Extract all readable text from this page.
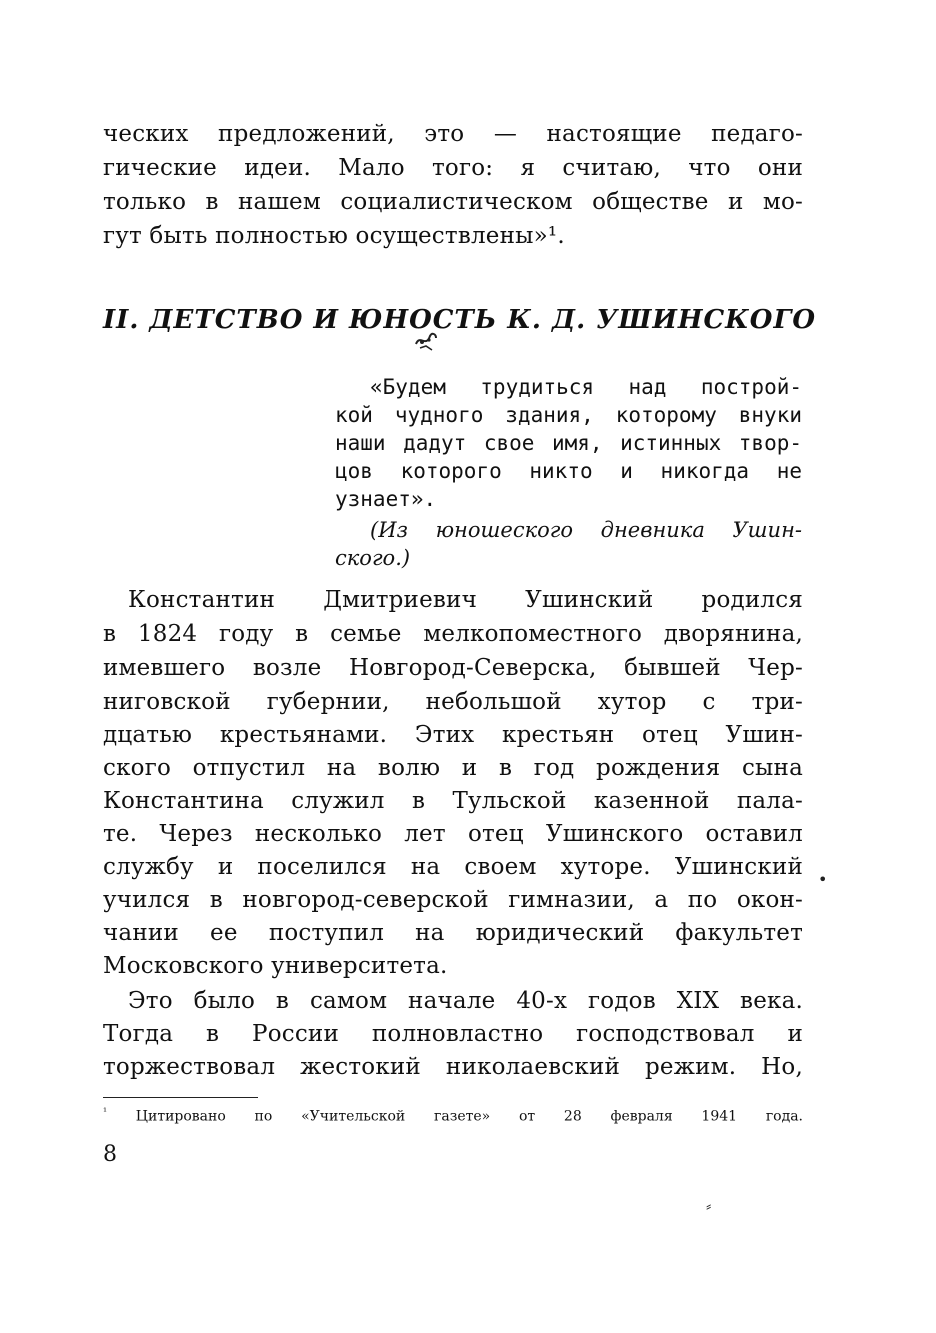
ческих предложений, это — настоящие педаго-
гические идеи. Мало того: я считаю, что они
только в нашем социалистическом обществе и мо-
гут быть полностью осуществлены»¹.
II. ДЕТСТВО И ЮНОСТЬ К. Д. УШИНСКОГО
«Будем трудиться над построй-
кой чудного здания, которому внуки
наши дадут свое имя, истинных твор-
цов которого никто и никогда не
узнает».
(Из юношеского дневника Ушин-
ского.)
Константин Дмитриевич Ушинский родился
в 1824 году в семье мелкопоместного дворянина,
имевшего возле Новгород-Северска, бывшей Чер-
ниговской губернии, небольшой хутор с три-
дцатью крестьянами. Этих крестьян отец Ушин-
ского отпустил на волю и в год рождения сына
Константина служил в Тульской казенной пала-
те. Через несколько лет отец Ушинского оставил
службу и поселился на своем хуторе. Ушинский
учился в новгород-северской гимназии, а по окон-
чании ее поступил на юридический факультет
Московского университета.
Это было в самом начале 40-х годов XIX века.
Тогда в России полновластно господствовал и
торжествовал жестокий николаевский режим. Но,
$^{^1}$ Цитировано по «Учительской газете» от 28 февраля 1941 года.
8
•
⸗
